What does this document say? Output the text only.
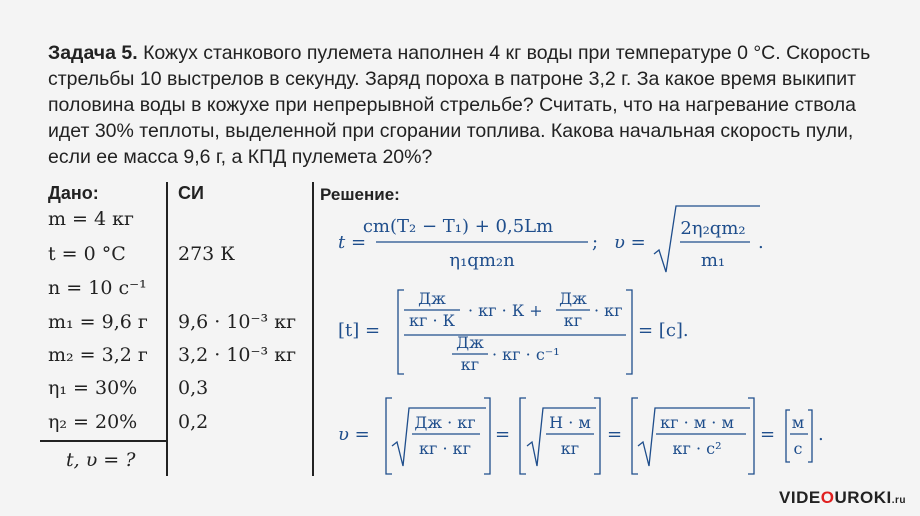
Задача 5. Кожух станкового пулемета наполнен 4 кг воды при температуре 0 °С. Скорость стрельбы 10 выстрелов в секунду. Заряд пороха в патроне 3,2 г. За какое время выкипит половина воды в кожухе при непрерывной стрельбе? Считать, что на нагревание ствола идет 30% теплоты, выделенной при сгорании топлива. Какова начальная скорость пули, если ее масса 9,6 г, а КПД пулемета 20%?
Дано:	СИ
m = 4 кг
t = 0 °С
n = 10 с⁻¹
m₁ = 9,6 г
m₂ = 3,2 г
η₁ = 30%
η₂ = 20%
273 К
9,6 · 10⁻³ кг
3,2 · 10⁻³ кг
0,3
0,2
t, υ = ?
Решение:
t =
cm(T₂ − T₁) + 0,5Lm
η₁qm₂n
; υ =
2η₂qm₂
m₁
.
[t] =
Дж
кг · К
· кг · К +
Дж
кг
· кг
Дж
кг
· кг · с⁻¹
= [с].
υ =
Дж · кг
кг · кг
=
Н · м
кг
=
кг · м · м
кг · с²
=
м
с
.
VIDEOUROKI.ru
